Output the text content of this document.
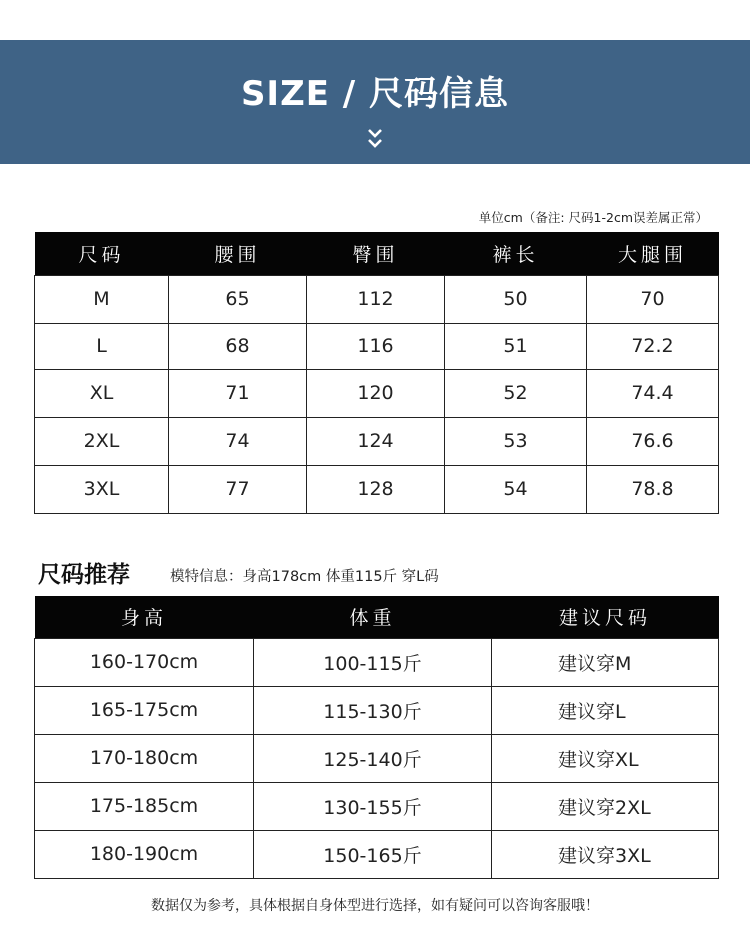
SIZE / 尺码信息
单位cm（备注: 尺码1-2cm误差属正常）
尺码	腰围	臀围	裤长	大腿围
M	65	112	50	70
L	68	116	51	72.2
XL	71	120	52	74.4
2XL	74	124	53	76.6
3XL	77	128	54	78.8
尺码推荐	模特信息：身高178cm 体重115斤 穿L码
身高	体重	建议尺码
160-170cm	100-115斤	建议穿M
165-175cm	115-130斤	建议穿L
170-180cm	125-140斤	建议穿XL
175-185cm	130-155斤	建议穿2XL
180-190cm	150-165斤	建议穿3XL
数据仅为参考，具体根据自身体型进行选择，如有疑问可以咨询客服哦！
